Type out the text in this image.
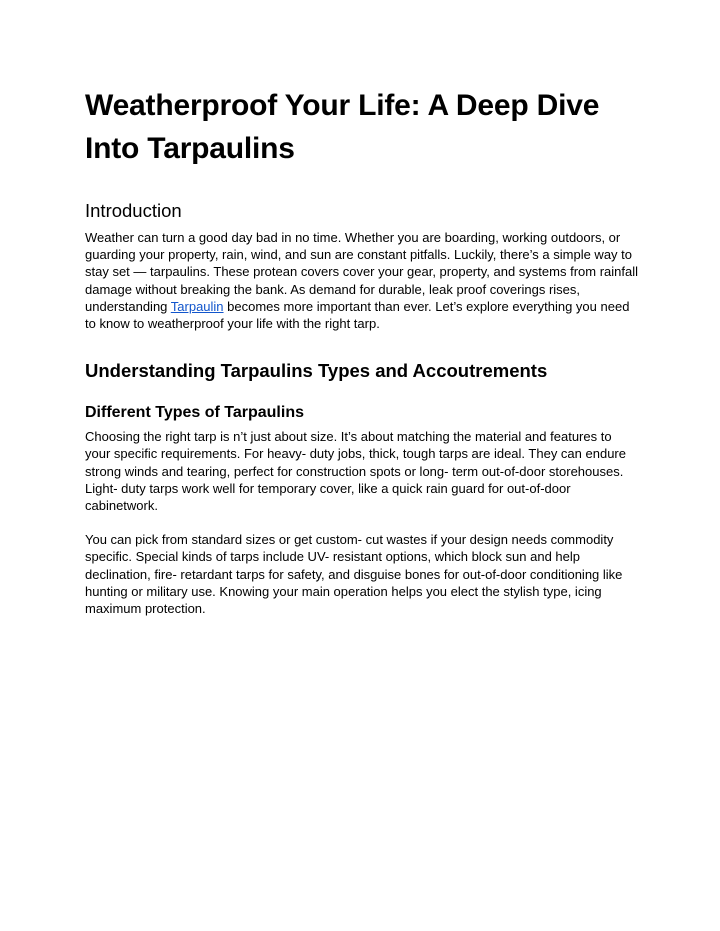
Weatherproof Your Life: A Deep Dive Into Tarpaulins
Introduction

Weather can turn a good day bad in no time. Whether you are boarding, working outdoors, or guarding your property, rain, wind, and sun are constant pitfalls. Luckily, there’s a simple way to stay set — tarpaulins. These protean covers cover your gear, property, and systems from rainfall damage without breaking the bank. As demand for durable, leak proof coverings rises, understanding Tarpaulin becomes more important than ever. Let’s explore everything you need to know to weatherproof your life with the right tarp.

Understanding Tarpaulins Types and Accoutrements
Different Types of Tarpaulins

Choosing the right tarp is n’t just about size. It’s about matching the material and features to your specific requirements. For heavy- duty jobs, thick, tough tarps are ideal. They can endure strong winds and tearing, perfect for construction spots or long- term out-of-door storehouses. Light- duty tarps work well for temporary cover, like a quick rain guard for out-of-door cabinetwork.

You can pick from standard sizes or get custom- cut wastes if your design needs commodity specific. Special kinds of tarps include UV- resistant options, which block sun and help declination, fire- retardant tarps for safety, and disguise bones for out-of-door conditioning like hunting or military use. Knowing your main operation helps you elect the stylish type, icing maximum protection.
